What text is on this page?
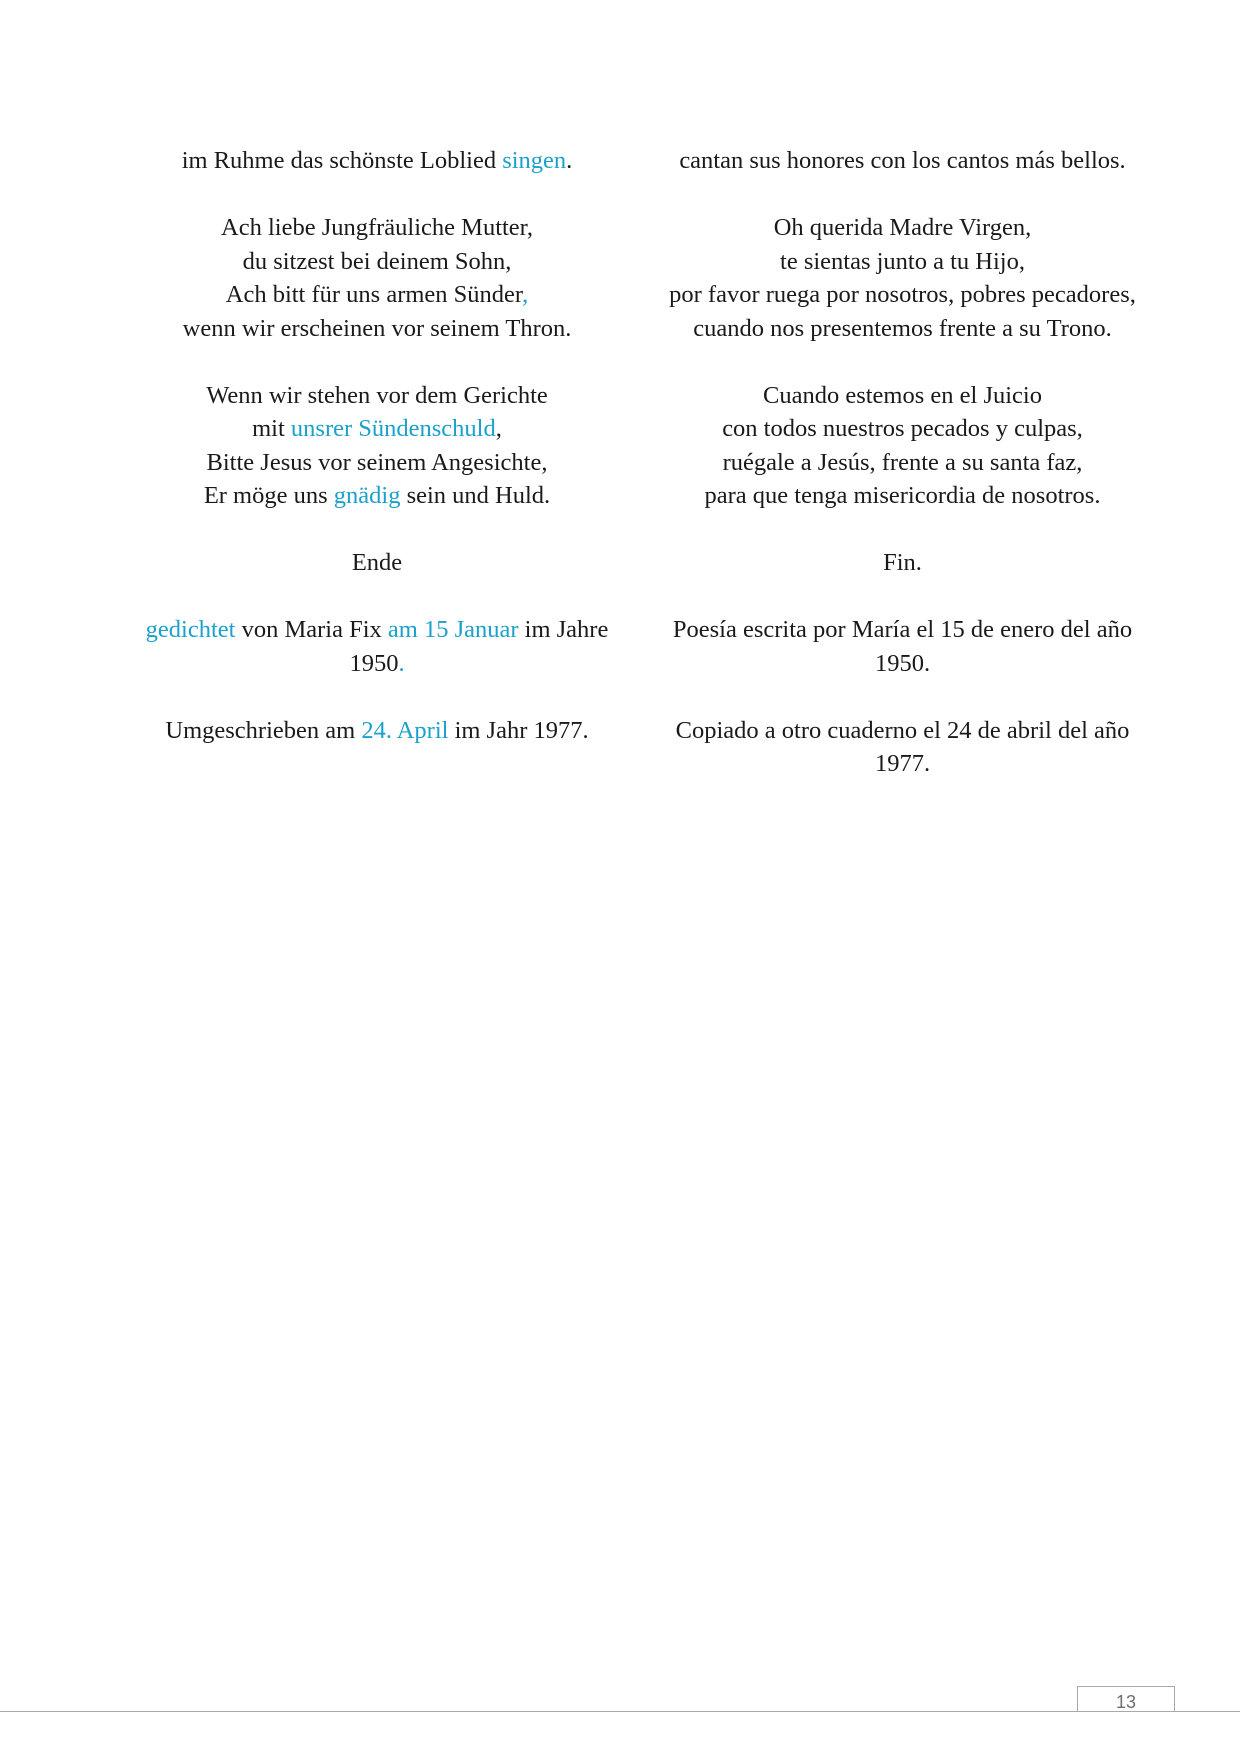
im Ruhme das schönste Loblied singen.
Ach liebe Jungfräuliche Mutter,
du sitzest bei deinem Sohn,
Ach bitt für uns armen Sünder,
wenn wir erscheinen vor seinem Thron.
Wenn wir stehen vor dem Gerichte
mit unsrer Sündenschuld,
Bitte Jesus vor seinem Angesichte,
Er möge uns gnädig sein und Huld.
Ende
gedichtet von Maria Fix am 15 Januar im Jahre 1950.
Umgeschrieben am 24. April im Jahr 1977.
cantan sus honores con los cantos más bellos.
Oh querida Madre Virgen,
te sientas junto a tu Hijo,
por favor ruega por nosotros, pobres pecadores,
cuando nos presentemos frente a su Trono.
Cuando estemos en el Juicio
con todos nuestros pecados y culpas,
ruégale a Jesús, frente a su santa faz,
para que tenga misericordia de nosotros.
Fin.
Poesía escrita por María el 15 de enero del año
1950.
Copiado a otro cuaderno el 24 de abril del año
1977.
13
